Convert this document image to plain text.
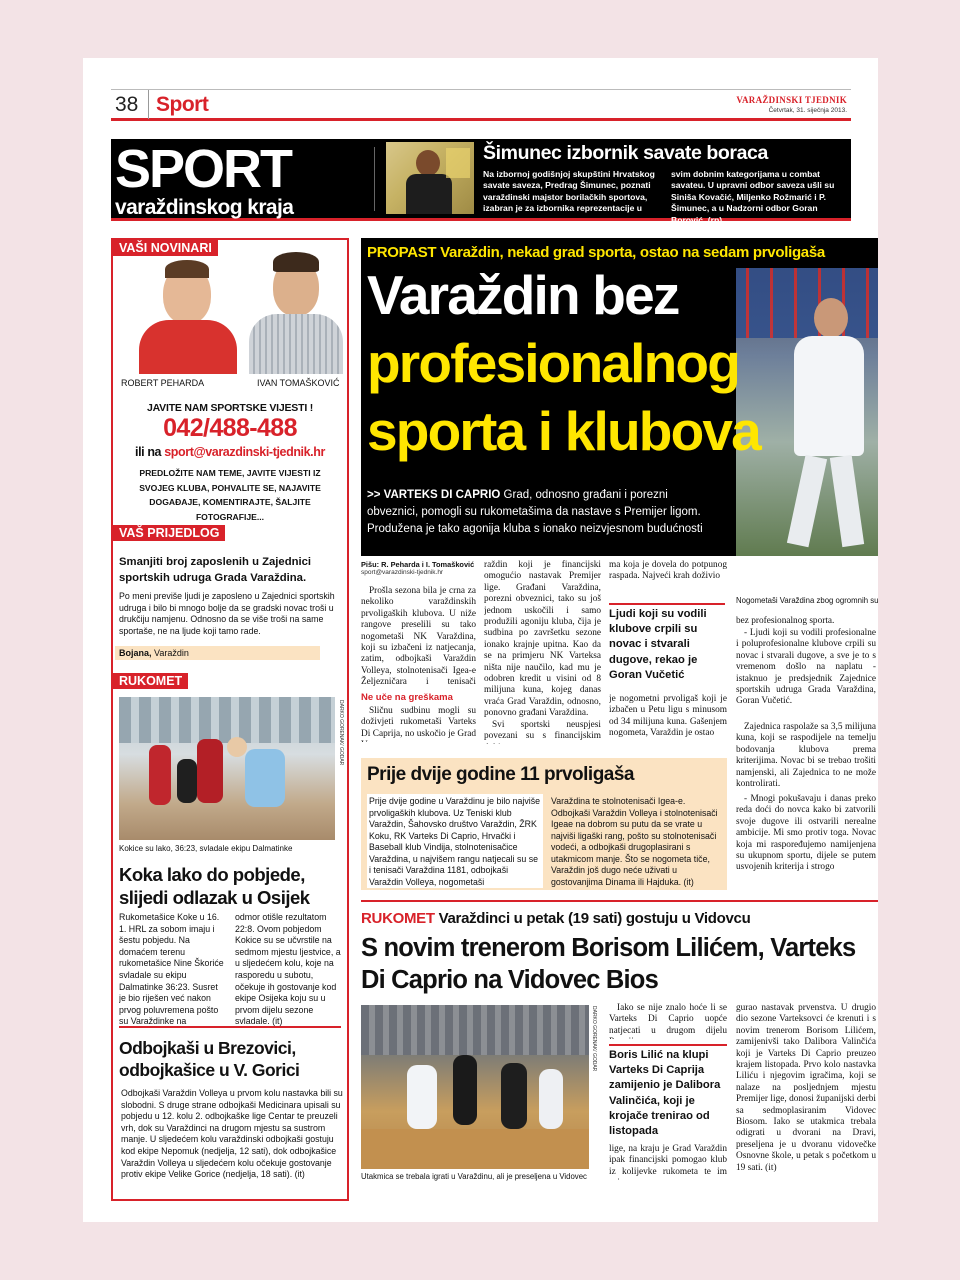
38 Sport	VARAŽDINSKI TJEDNIK
Četvrtak, 31. siječnja 2013.
SPORT
varaždinskog kraja
Šimunec izbornik savate boraca
Na izbornoj godišnjoj skupštini Hrvatskog savate saveza, Predrag Šimunec, poznati varaždinski majstor borilačkih sportova, izabran je za izbornika reprezentacije u
svim dobnim kategorijama u combat savateu. U upravni odbor saveza ušli su Siniša Kovačić, Miljenko Rožmarić i P. Šimunec, a u Nadzorni odbor Goran Borović. (rp)
VAŠI NOVINARI
ROBERT PEHARDA	IVAN TOMAŠKOVIĆ
JAVITE NAM SPORTSKE VIJESTI !
042/488-488
ili na sport@varazdinski-tjednik.hr
PREDLOŽITE NAM TEME, JAVITE VIJESTI IZ SVOJEG KLUBA, POHVALITE SE, NAJAVITE DOGAĐAJE, KOMENTIRAJTE, ŠALJITE FOTOGRAFIJE...
VAŠ PRIJEDLOG
Smanjiti broj zaposlenih u Zajednici sportskih udruga Grada Varaždina.
Po meni previše ljudi je zaposleno u Zajednici sportskih udruga i bilo bi mnogo bolje da se gradski novac troši u drukčiju namjenu. Odnosno da se više troši na same sportaše, ne na ljude koji tamo rade.
Bojana, Varaždin
RUKOMET
DARKO GORENAK/ GODAR
Kokice su lako, 36:23, svladale ekipu Dalmatinke
Koka lako do pobjede, slijedi odlazak u Osijek
Rukometašice Koke u 16. 1. HRL za sobom imaju i šestu pobjedu. Na domaćem terenu rukometašice Nine Škoriće svladale su ekipu Dalmatinke 36:23. Susret je bio riješen već nakon prvog poluvremena pošto su Varaždinke na
odmor otišle rezultatom 22:8. Ovom pobjedom Kokice su se učvrstile na sedmom mjestu ljestvice, a u sljedećem kolu, koje na rasporedu u subotu, očekuje ih gostovanje kod ekipe Osijeka koju su u prvom dijelu sezone svladale. (it)
Odbojkaši u Brezovici, odbojkašice u V. Gorici
Odbojkaši Varaždin Volleya u prvom kolu nastavka bili su slobodni. S druge strane odbojkaši Medicinara upisali su pobjedu u 12. kolu 2. odbojkaške lige Centar te preuzeli vrh, dok su Varaždinci na drugom mjestu sa sustrom manje. U sljedećem kolu varaždinski odbojkaši gostuju kod ekipe Nepomuk (nedjelja, 12 sati), dok odbojkašice Varaždin Volleya u sljedećem kolu očekuje gostovanje protiv ekipe Velike Gorice (nedjelja, 18 sati). (it)
PROPAST Varaždin, nekad grad sporta, ostao na sedam prvoligaša
Varaždin bez
profesionalnog
sporta i klubova
>> VARTEKS DI CAPRIO Grad, odnosno građani i porezni obveznici, pomogli su rukometašima da nastave s Premijer ligom. Produžena je tako agonija kluba s ionako neizvjesnom budućnosti
Nogometaši Varaždina zbog ogromnih su
Pišu: R. Peharda i I. Tomašković
sport@varazdinski-tjednik.hr
Prošla sezona bila je crna za nekoliko varaždinskih prvoligaških klubova. U niže rangove preselili su tako nogometaši NK Varaždina, koji su izbačeni iz natjecanja, zatim, odbojkaši Varaždin Volleya, stolnotenisači Igea-e Željezničara i tenisači
Ne uče na greškama
Sličnu sudbinu mogli su doživjeti rukometaši Varteks Di Caprija, no uskočio je Grad
raždin koji je financijski omogućio nastavak Premijer lige. Građani Varaždina, porezni obveznici, tako su još jednom uskočili i samo produžili agoniju kluba, čija je sudbina po završetku sezone ionako krajnje upitna. Kao da se na primjeru NK Varteksa ništa nije naučilo, kad mu je odobren kredit u visini od 8 milijuna kuna, kojeg danas vraća Grad Varaždin, odnosno, ponovno građani Varaždina.
Svi sportski neuspjesi povezani su s financijskim
ma koja je dovela do potpunog raspada. Najveći krah doživio
Ljudi koji su vodili klubove crpili su novac i stvarali dugove, rekao je Goran Vučetić
je nogometni prvoligaš koji je izbačen u Petu ligu s minusom od 34 milijuna kuna. Gašenjem nogometa, Varaždin je ostao
bez profesionalnog sporta.
- Ljudi koji su vodili profesionalne i poluprofesionalne klubove crpili su novac i stvarali dugove, a sve je to s vremenom došlo na naplatu - istaknuo je predsjednik Zajednice sportskih udruga Grada Varaždina, Goran Vučetić.
Zajednica raspolaže sa 3,5 milijuna kuna, koji se raspodijele na temelju bodovanja klubova prema kriterijima. Novac bi se trebao trošiti namjenski, ali Zajednica to ne može kontrolirati.
- Mnogi pokušavaju i danas preko reda doći do novca kako bi zatvorili svoje dugove ili ostvarili nerealne ambicije. Mi smo protiv toga. Novac koja mi raspoređujemo namijenjena su ukupnom sportu, dijele se putem usvojenih kriterija i strogo
Prije dvije godine 11 prvoligaša
Prije dvije godine u Varaždinu je bilo najviše prvoligaških klubova. Uz Teniski klub Varaždin, Šahovsko društvo Varaždin, ŽRK Koku, RK Varteks Di Caprio, Hrvački i Baseball klub Vindija, stolnotenisačice Varaždina, u najvišem rangu natjecali su se i tenisači Varaždina 1181, odbojkaši Varaždin Volleya, nogometaši
Varaždina te stolnotenisači Igea-e. Odbojkaši Varaždin Volleya i stolnotenisači Igeae na dobrom su putu da se vrate u najviši ligaški rang, pošto su stolnotenisači vodeći, a odbojkaši drugoplasirani s utakmicom manje. Što se nogometa tiče, Varaždin još dugo neće uživati u gostovanjima Dinama ili Hajduka. (it)
RUKOMET Varaždinci u petak (19 sati) gostuju u Vidovcu
S novim trenerom Borisom Lilićem, Varteks Di Caprio na Vidovec Bios
DARKO GORENAK/ GODAR
Utakmica se trebala igrati u Varaždinu, ali je preseljena u Vidovec
Iako se nije znalo hoće li se Varteks Di Caprio uopće natjecati u drugom dijelu
Boris Lilić na klupi Varteks Di Caprija zamijenio je Dalibora Valinčića, koji je krojače trenirao od listopada
lige, na kraju je Grad Varaždin ipak financijski pomogao klub iz kolijevke rukometa te im
gurao nastavak prvenstva. U drugio dio sezone Varteksovci će krenuti i s novim trenerom Borisom Lilićem, zamijenivši tako Dalibora Valinčića koji je Varteks Di Caprio preuzeo krajem listopada. Prvo kolo nastavka Liliću i njegovim igračima, koji se nalaze na posljednjem mjestu Premijer lige, donosi županijski derbi sa sedmoplasiranim Vidovec Biosom. Iako se utakmica trebala odigrati u dvorani na Dravi, preseljena je u dvoranu vidovečke Osnovne škole, u petak s početkom u 19 sati. (it)
